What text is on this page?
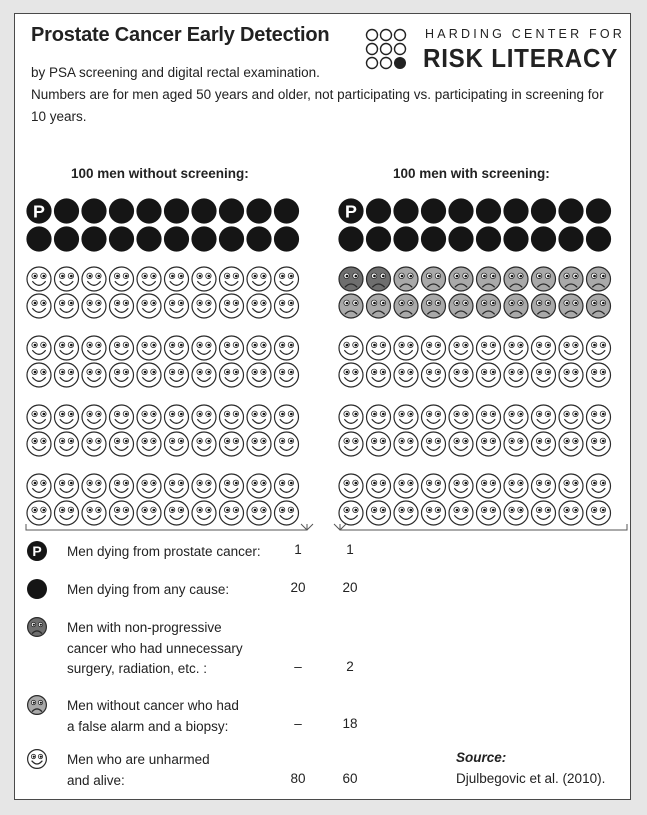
Prostate Cancer Early Detection
by PSA screening and digital rectal examination.
Numbers are for men aged 50 years and older, not participating vs. participating in screening for 10 years.
HARDING CENTER FOR
RISK LITERACY
100 men without screening:	100 men with screening:
P	P
P Men dying from prostate cancer:	1	1
Men dying from any cause:	20	20
Men with non-progressive
cancer who had unnecessary
surgery, radiation, etc. :	–	2
Men without cancer who had
a false alarm and a biopsy:	–	18
Men who are unharmed
and alive:	80	60
Source:
Djulbegovic et al. (2010).
